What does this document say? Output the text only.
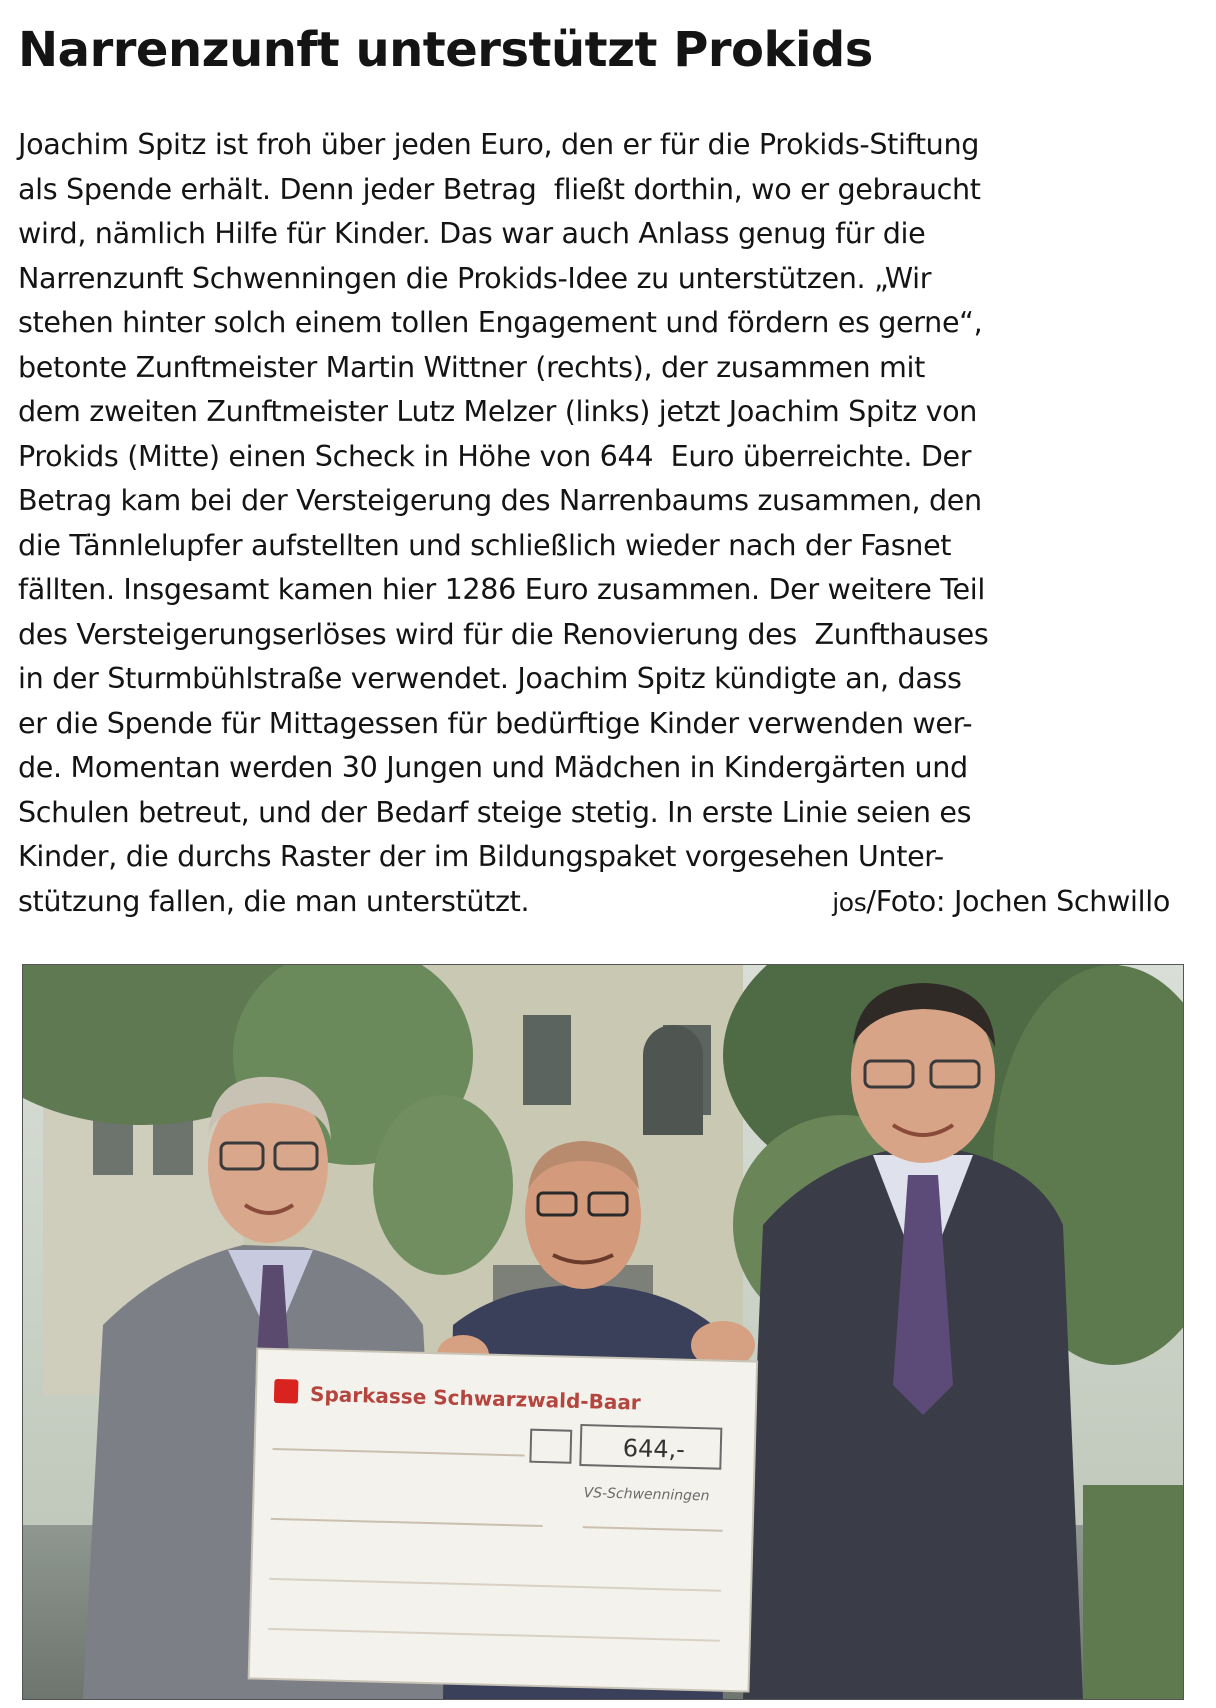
Narrenzunft unterstützt Prokids
Joachim Spitz ist froh über jeden Euro, den er für die Prokids-Stiftung
als Spende erhält. Denn jeder Betrag  fließt dorthin, wo er gebraucht
wird, nämlich Hilfe für Kinder. Das war auch Anlass genug für die
Narrenzunft Schwenningen die Prokids-Idee zu unterstützen. „Wir
stehen hinter solch einem tollen Engagement und fördern es gerne“,
betonte Zunftmeister Martin Wittner (rechts), der zusammen mit
dem zweiten Zunftmeister Lutz Melzer (links) jetzt Joachim Spitz von
Prokids (Mitte) einen Scheck in Höhe von 644  Euro überreichte. Der
Betrag kam bei der Versteigerung des Narrenbaums zusammen, den
die Tännlelupfer aufstellten und schließlich wieder nach der Fasnet
fällten. Insgesamt kamen hier 1286 Euro zusammen. Der weitere Teil
des Versteigerungserlöses wird für die Renovierung des  Zunfthauses
in der Sturmbühlstraße verwendet. Joachim Spitz kündigte an, dass
er die Spende für Mittagessen für bedürftige Kinder verwenden wer-
de. Momentan werden 30 Jungen und Mädchen in Kindergärten und
Schulen betreut, und der Bedarf steige stetig. In erste Linie seien es
Kinder, die durchs Raster der im Bildungspaket vorgesehen Unter-
stützung fallen, die man unterstützt.	jos/Foto: Jochen Schwillo
Sparkasse Schwarzwald-Baar
644,-
VS-Schwenningen
